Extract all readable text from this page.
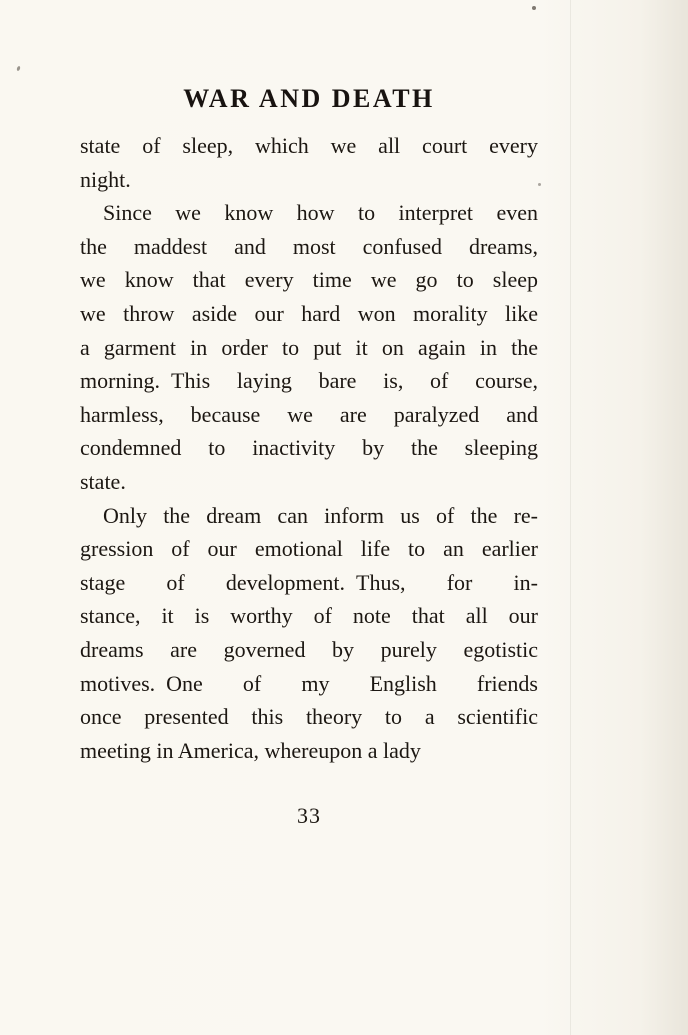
WAR AND DEATH
state of sleep, which we all court every
night.
Since we know how to interpret even
the maddest and most confused dreams,
we know that every time we go to sleep
we throw aside our hard won morality like
a garment in order to put it on again in the
morning. This laying bare is, of course,
harmless, because we are paralyzed and
condemned to inactivity by the sleeping
state.
Only the dream can inform us of the re-
gression of our emotional life to an earlier
stage of development. Thus, for in-
stance, it is worthy of note that all our
dreams are governed by purely egotistic
motives. One of my English friends
once presented this theory to a scientific
meeting in America, whereupon a lady
33
